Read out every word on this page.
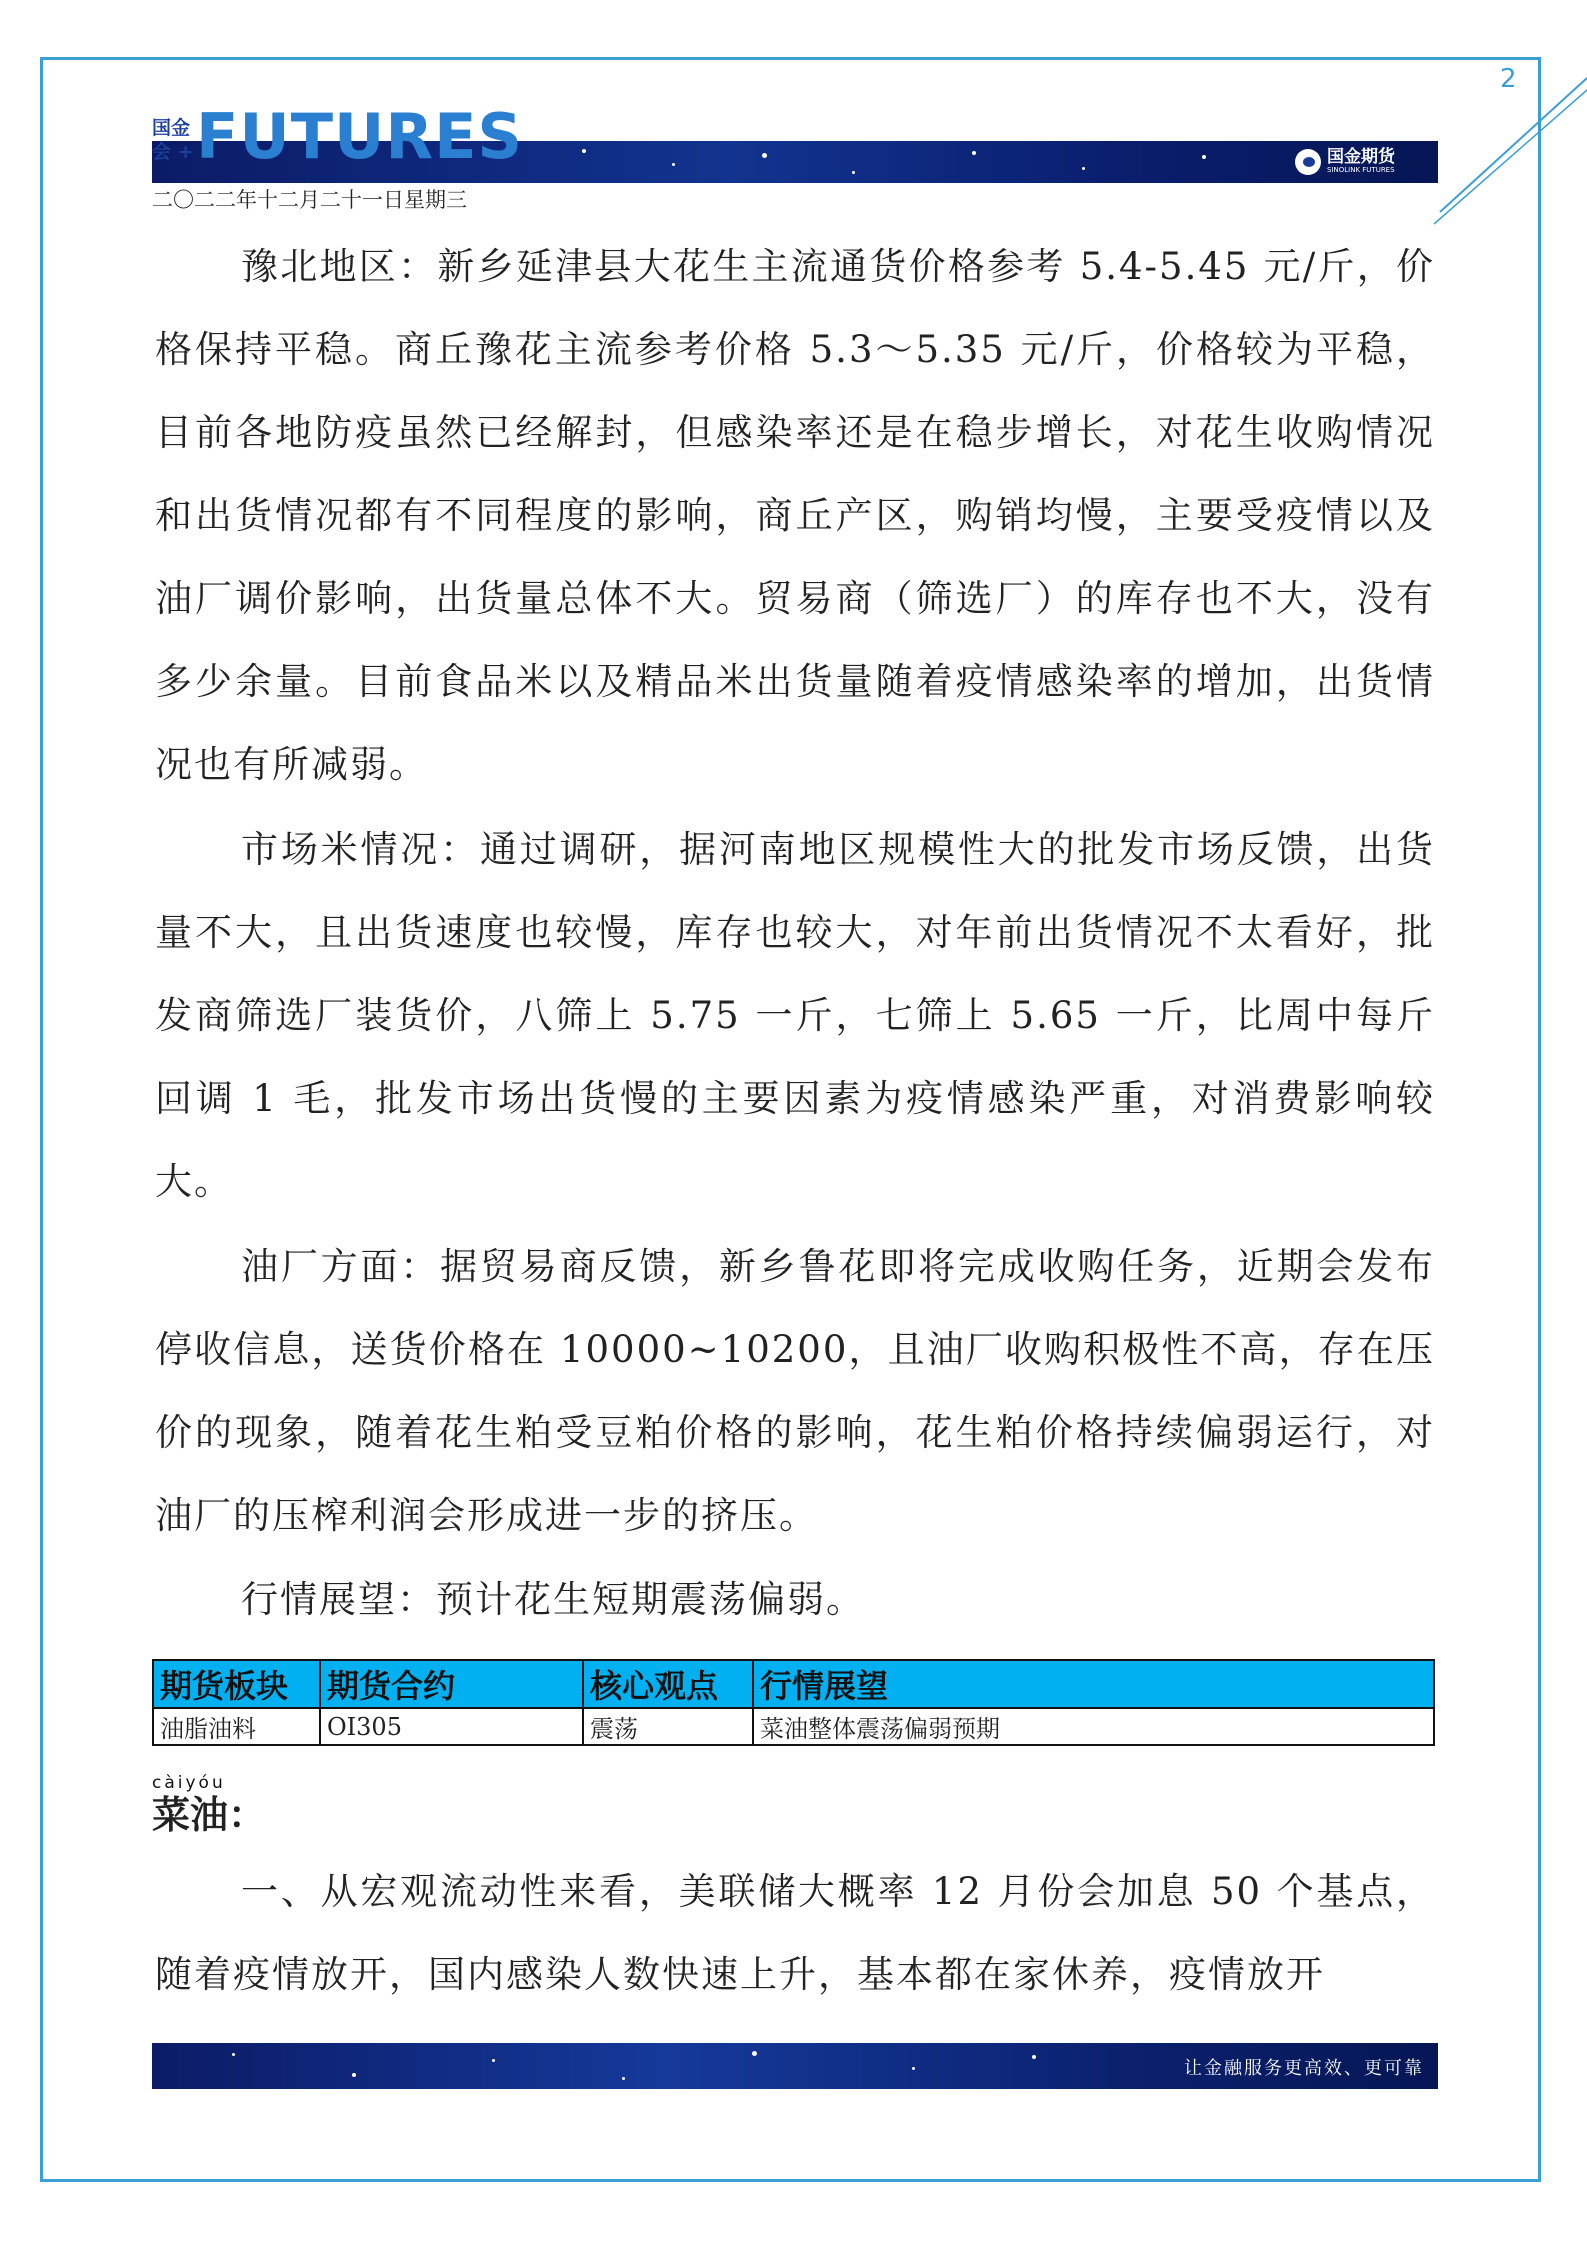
2
国金
会 + FUTURES	国金期货
SINOLINK FUTURES
二〇二二年十二月二十一日星期三

豫北地区：新乡延津县大花生主流通货价格参考 5.4-5.45 元/斤，价格保持平稳。商丘豫花主流参考价格 5.3～5.35 元/斤，价格较为平稳，目前各地防疫虽然已经解封，但感染率还是在稳步增长，对花生收购情况和出货情况都有不同程度的影响，商丘产区，购销均慢，主要受疫情以及油厂调价影响，出货量总体不大。贸易商（筛选厂）的库存也不大，没有多少余量。目前食品米以及精品米出货量随着疫情感染率的增加，出货情况也有所减弱。

市场米情况：通过调研，据河南地区规模性大的批发市场反馈，出货量不大，且出货速度也较慢，库存也较大，对年前出货情况不太看好，批发商筛选厂装货价，八筛上 5.75 一斤，七筛上 5.65 一斤，比周中每斤回调 1 毛，批发市场出货慢的主要因素为疫情感染严重，对消费影响较大。

油厂方面：据贸易商反馈，新乡鲁花即将完成收购任务，近期会发布停收信息，送货价格在 10000~10200，且油厂收购积极性不高，存在压价的现象，随着花生粕受豆粕价格的影响，花生粕价格持续偏弱运行，对油厂的压榨利润会形成进一步的挤压。

行情展望：预计花生短期震荡偏弱。

期货板块	期货合约	核心观点	行情展望
油脂油料	OI305	震荡	菜油整体震荡偏弱预期
càiyóu
菜油：

一、从宏观流动性来看，美联储大概率 12 月份会加息 50 个基点，随着疫情放开，国内感染人数快速上升，基本都在家休养，疫情放开

让金融服务更高效、更可靠
